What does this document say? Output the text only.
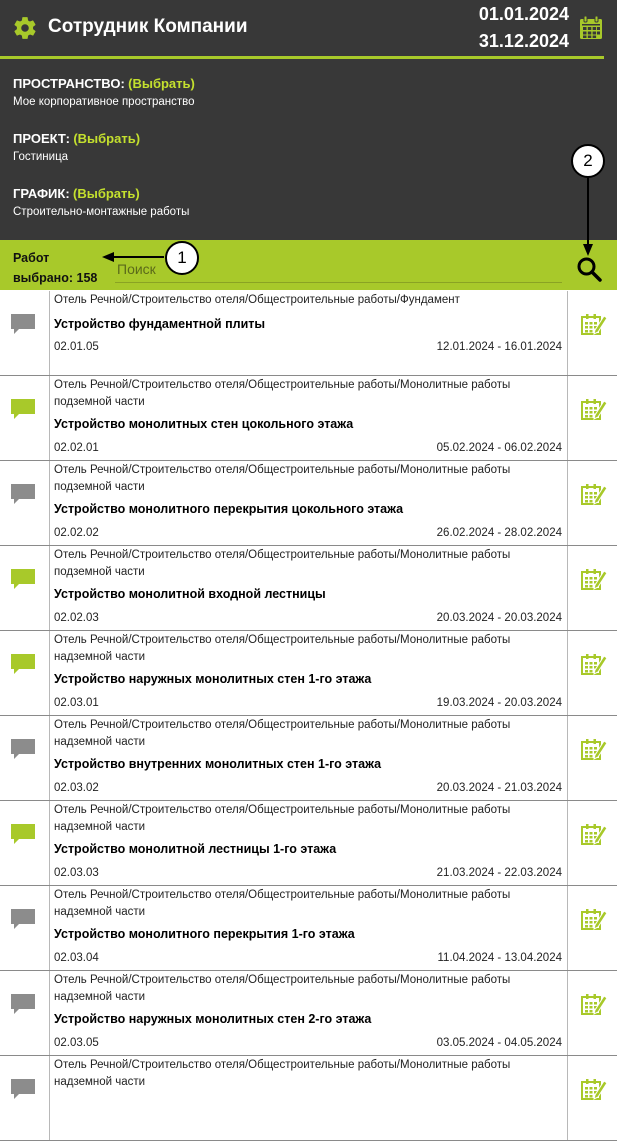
Сотрудник Компании
01.01.2024
31.12.2024
ПРОСТРАНСТВО: (Выбрать)
Мое корпоративное пространство
ПРОЕКТ: (Выбрать)
Гостиница
ГРАФИК: (Выбрать)
Строительно-монтажные работы
Работ
выбрано: 158
Поиск
1
2
Отель Речной/Строительство отеля/Общестроительные работы/Фундамент
Устройство фундаментной плиты
02.01.05	12.01.2024 - 16.01.2024
Отель Речной/Строительство отеля/Общестроительные работы/Монолитные работы подземной части
Устройство монолитных стен цокольного этажа
02.02.01	05.02.2024 - 06.02.2024
Отель Речной/Строительство отеля/Общестроительные работы/Монолитные работы подземной части
Устройство монолитного перекрытия цокольного этажа
02.02.02	26.02.2024 - 28.02.2024
Отель Речной/Строительство отеля/Общестроительные работы/Монолитные работы подземной части
Устройство монолитной входной лестницы
02.02.03	20.03.2024 - 20.03.2024
Отель Речной/Строительство отеля/Общестроительные работы/Монолитные работы надземной части
Устройство наружных монолитных стен 1-го этажа
02.03.01	19.03.2024 - 20.03.2024
Отель Речной/Строительство отеля/Общестроительные работы/Монолитные работы надземной части
Устройство внутренних монолитных стен 1-го этажа
02.03.02	20.03.2024 - 21.03.2024
Отель Речной/Строительство отеля/Общестроительные работы/Монолитные работы надземной части
Устройство монолитной лестницы 1-го этажа
02.03.03	21.03.2024 - 22.03.2024
Отель Речной/Строительство отеля/Общестроительные работы/Монолитные работы надземной части
Устройство монолитного перекрытия 1-го этажа
02.03.04	11.04.2024 - 13.04.2024
Отель Речной/Строительство отеля/Общестроительные работы/Монолитные работы надземной части
Устройство наружных монолитных стен 2-го этажа
02.03.05	03.05.2024 - 04.05.2024
Отель Речной/Строительство отеля/Общестроительные работы/Монолитные работы надземной части
